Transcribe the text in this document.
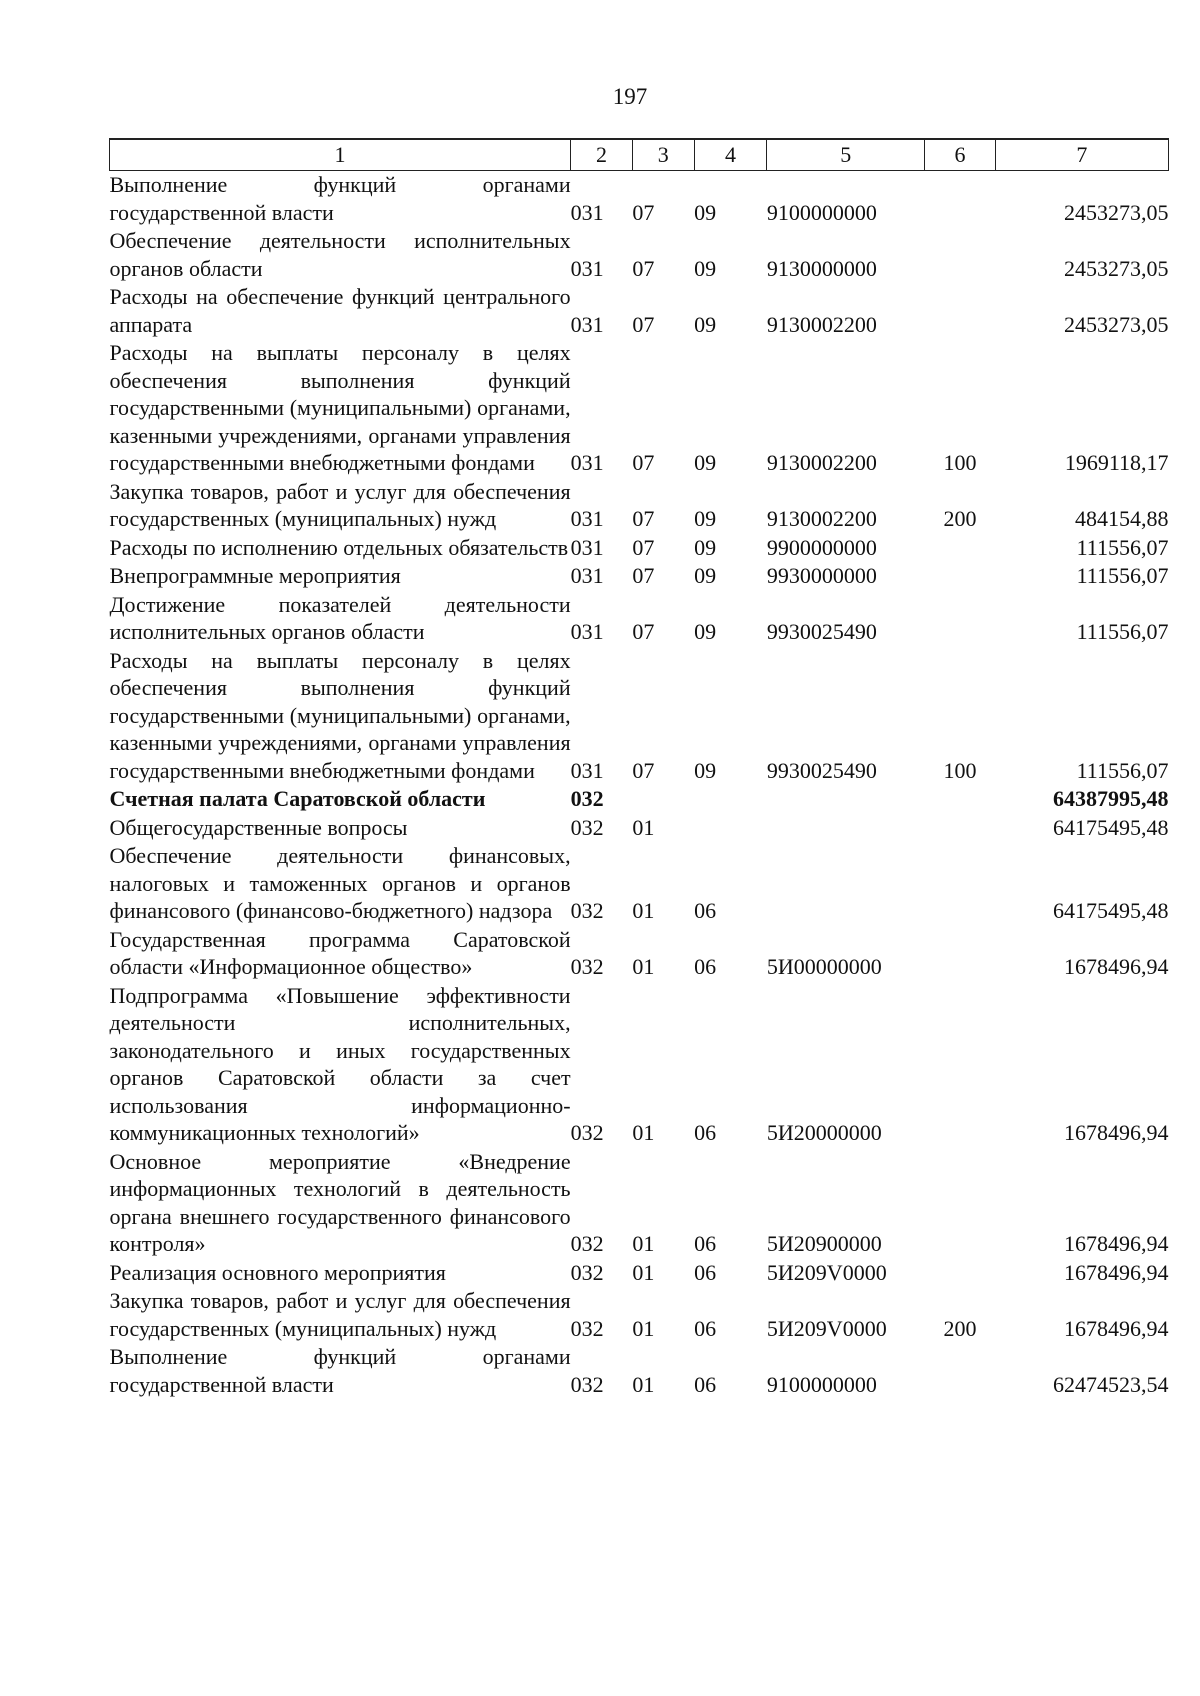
197
1	2	3	4	5	6	7
Выполнение функций органами государственной власти	031	07	09	9100000000		2453273,05
Обеспечение деятельности исполнительных органов области	031	07	09	9130000000		2453273,05
Расходы на обеспечение функций центрального аппарата	031	07	09	9130002200		2453273,05
Расходы на выплаты персоналу в целях обеспечения выполнения функций государственными (муниципальными) органами, казенными учреждениями, органами управления государственными внебюджетными фондами	031	07	09	9130002200	100	1969118,17
Закупка товаров, работ и услуг для обеспечения государственных (муниципальных) нужд	031	07	09	9130002200	200	484154,88
Расходы по исполнению отдельных обязательств	031	07	09	9900000000		111556,07
Внепрограммные мероприятия	031	07	09	9930000000		111556,07
Достижение показателей деятельности исполнительных органов области	031	07	09	9930025490		111556,07
Расходы на выплаты персоналу в целях обеспечения выполнения функций государственными (муниципальными) органами, казенными учреждениями, органами управления государственными внебюджетными фондами	031	07	09	9930025490	100	111556,07
Счетная палата Саратовской области	032					64387995,48
Общегосударственные вопросы	032	01				64175495,48
Обеспечение деятельности финансовых, налоговых и таможенных органов и органов финансового (финансово-бюджетного) надзора	032	01	06			64175495,48
Государственная программа Саратовской области «Информационное общество»	032	01	06	5И00000000		1678496,94
Подпрограмма «Повышение эффективности деятельности исполнительных, законодательного и иных государственных органов Саратовской области за счет использования информационно-коммуникационных технологий»	032	01	06	5И20000000		1678496,94
Основное мероприятие «Внедрение информационных технологий в деятельность органа внешнего государственного финансового контроля»	032	01	06	5И20900000		1678496,94
Реализация основного мероприятия	032	01	06	5И209V0000		1678496,94
Закупка товаров, работ и услуг для обеспечения государственных (муниципальных) нужд	032	01	06	5И209V0000	200	1678496,94
Выполнение функций органами государственной власти	032	01	06	9100000000		62474523,54
